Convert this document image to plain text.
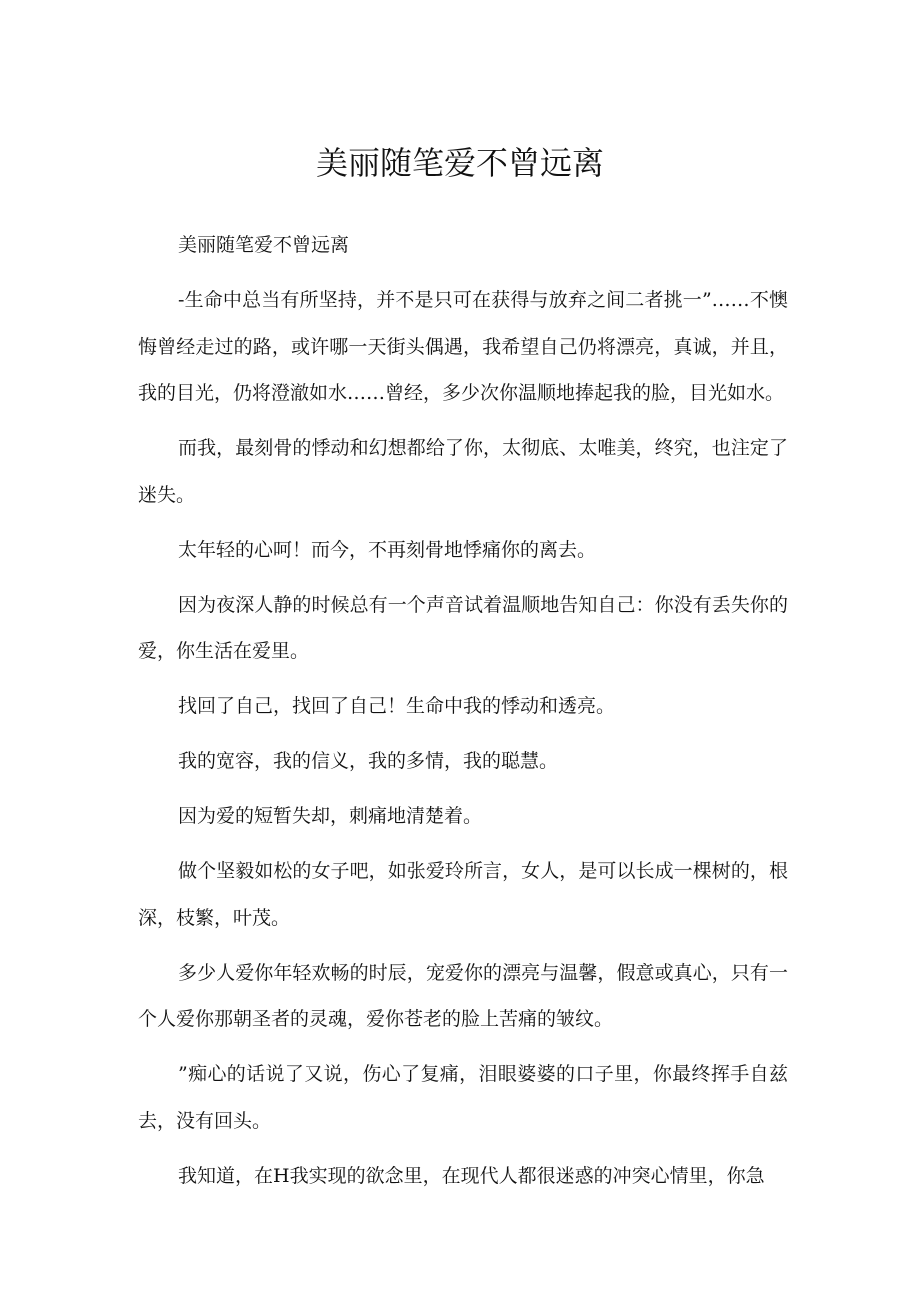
美丽随笔爱不曾远离

美丽随笔爱不曾远离

-生命中总当有所坚持，并不是只可在获得与放弃之间二者挑一”……不懊悔曾经走过的路，或许哪一天街头偶遇，我希望自己仍将漂亮，真诚，并且，我的目光，仍将澄澈如水……曾经，多少次你温顺地捧起我的脸，目光如水。

而我，最刻骨的悸动和幻想都给了你，太彻底、太唯美，终究，也注定了迷失。

太年轻的心呵！而今，不再刻骨地悸痛你的离去。

因为夜深人静的时候总有一个声音试着温顺地告知自己：你没有丢失你的爱，你生活在爱里。

找回了自己，找回了自己！生命中我的悸动和透亮。

我的宽容，我的信义，我的多情，我的聪慧。

因为爱的短暂失却，刺痛地清楚着。

做个坚毅如松的女子吧，如张爱玲所言，女人，是可以长成一棵树的，根深，枝繁，叶茂。

多少人爱你年轻欢畅的时辰，宠爱你的漂亮与温馨，假意或真心，只有一个人爱你那朝圣者的灵魂，爱你苍老的脸上苦痛的皱纹。

”痴心的话说了又说，伤心了复痛，泪眼婆婆的口子里，你最终挥手自兹去，没有回头。

我知道，在H我实现的欲念里，在现代人都很迷惑的冲突心情里，你急
